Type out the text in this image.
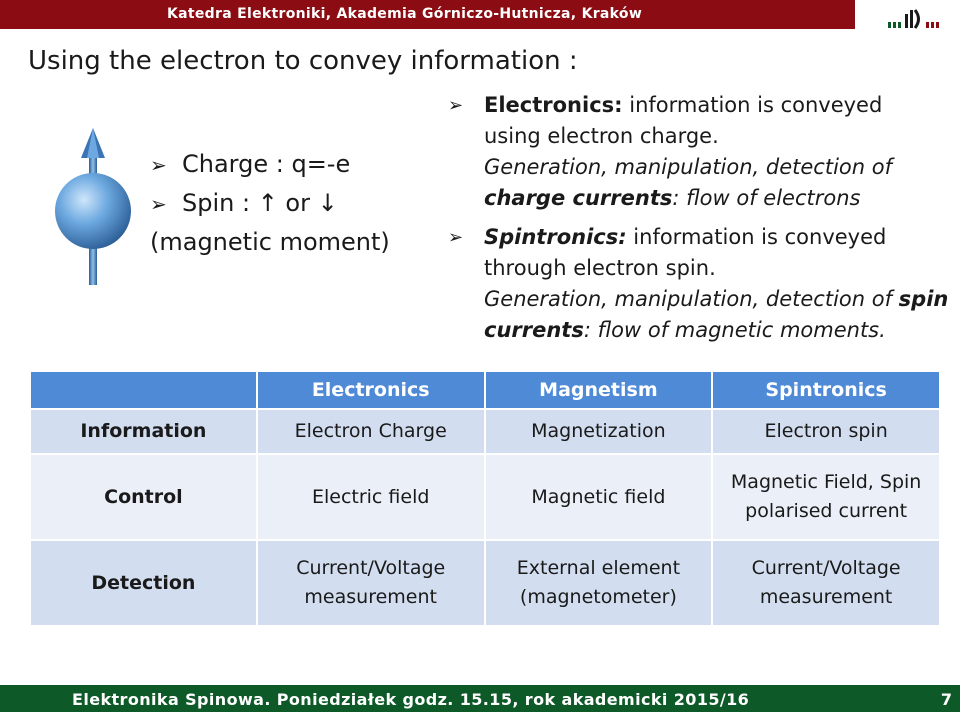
Katedra Elektroniki, Akademia Górniczo-Hutnicza, Kraków
Using the electron to convey information :
➢ Charge : q=-e
➢ Spin : ↑ or ↓
(magnetic moment)
➢ Electronics: information is conveyed
using electron charge.
Generation, manipulation, detection of
charge currents: flow of electrons
➢ Spintronics: information is conveyed
through electron spin.
Generation, manipulation, detection of spin
currents: flow of magnetic moments.
	Electronics	Magnetism	Spintronics
Information	Electron Charge	Magnetization	Electron spin
Control	Electric field	Magnetic field	Magnetic Field, Spin polarised current
Detection	Current/Voltage measurement	External element (magnetometer)	Current/Voltage measurement
Elektronika Spinowa. Poniedziałek godz. 15.15, rok akademicki 2015/16	7
